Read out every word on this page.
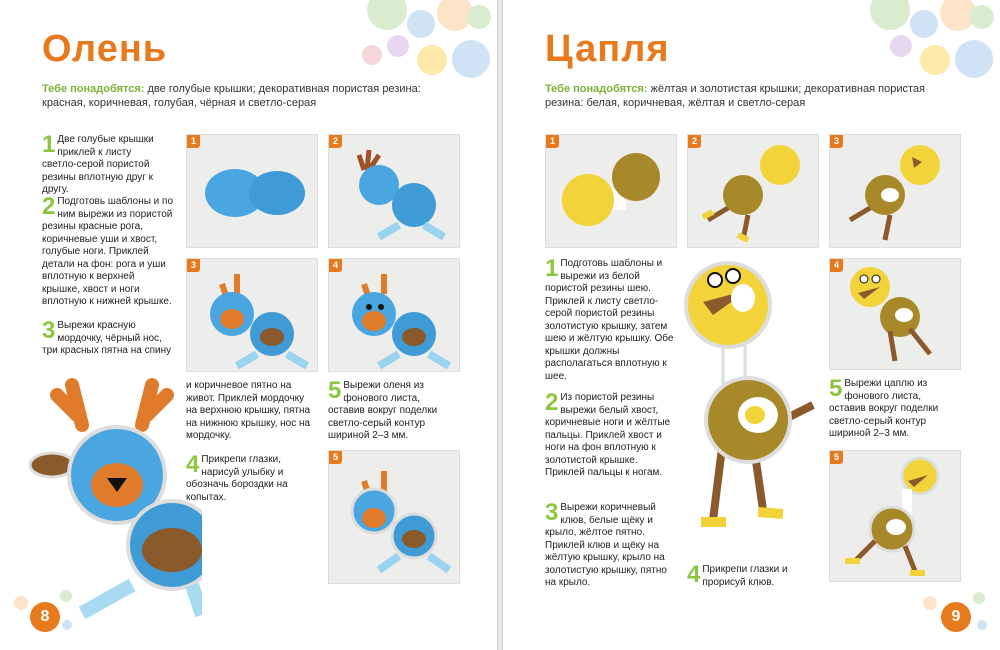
Олень
Тебе понадобятся: две голубые крышки; декоративная пористая резина: красная, коричневая, голубая, чёрная и светло-серая
1 Две голубые крышки приклей к листу светло-серой пористой резины вплотную друг к другу.
2 Подготовь шаблоны и по ним вырежи из пористой резины красные рога, коричневые уши и хвост, голубые ноги. Приклей детали на фон: рога и уши вплотную к верхней крышке, хвост и ноги вплотную к нижней крышке.
3 Вырежи красную мордочку, чёрный нос, три красных пятна на спину
и коричневое пятно на живот. Приклей мордочку на верхнюю крышку, пятна на нижнюю крышку, нос на мордочку.
4 Прикрепи глазки, нарисуй улыбку и обозначь бороздки на копытах.
5 Вырежи оленя из фонового листа, оставив вокруг поделки светло-серый контур шириной 2–3 мм.
1	2
3	4
5
8
Цапля
Тебе понадобятся: жёлтая и золотистая крышки; декоративная пористая резина: белая, коричневая, жёлтая и светло-серая
1	2	3
1 Подготовь шаблоны и вырежи из белой пористой резины шею. Приклей к листу светло-серой пористой резины золотистую крышку, затем шею и жёлтую крышку. Обе крышки должны располагаться вплотную к шее.
2 Из пористой резины вырежи белый хвост, коричневые ноги и жёлтые пальцы. Приклей хвост и ноги на фон вплотную к золотистой крышке. Приклей пальцы к ногам.
3 Вырежи коричневый клюв, белые щёку и крыло, жёлтое пятно. Приклей клюв и щёку на жёлтую крышку, крыло на золотистую крышку, пятно на крыло.	4 Прикрепи глазки и прорисуй клюв.
5 Вырежи цаплю из фонового листа, оставив вокруг поделки светло-серый контур шириной 2–3 мм.
4
5
9
